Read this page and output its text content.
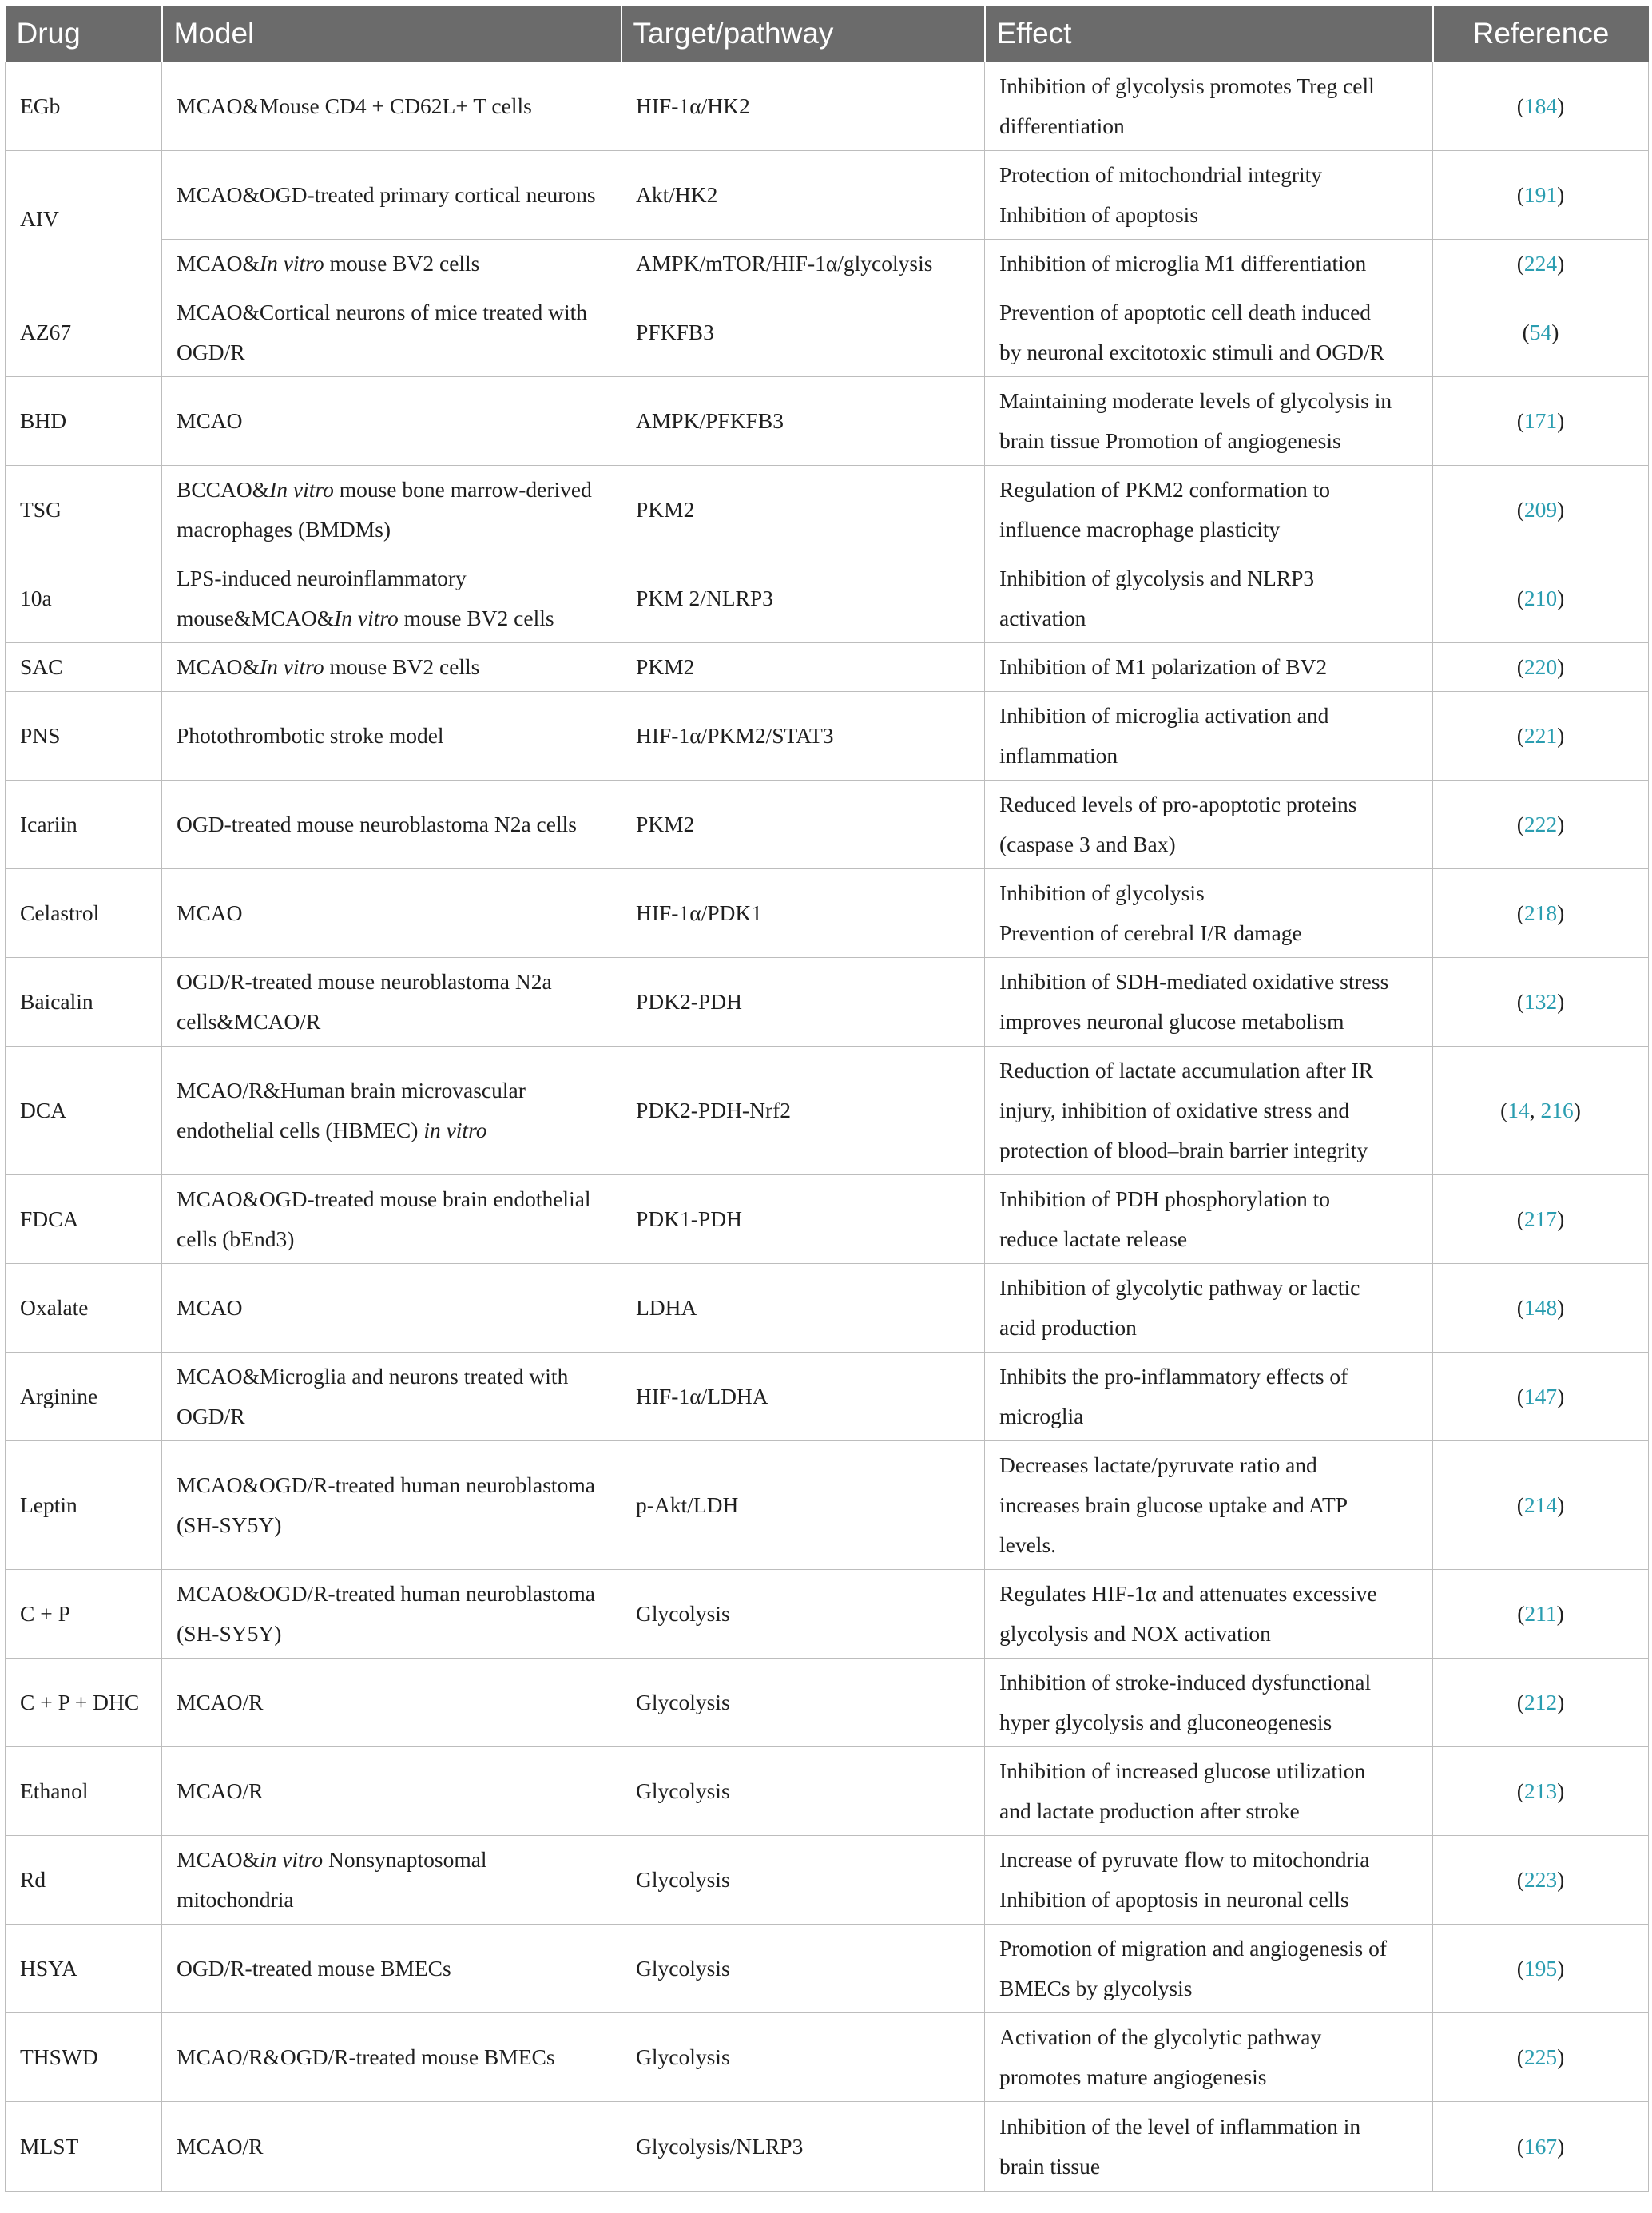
Drug	Model	Target/pathway	Effect	Reference
EGb	MCAO&Mouse CD4 + CD62L+ T cells	HIF-1α/HK2	Inhibition of glycolysis promotes Treg cell
differentiation	(184)
AIV	MCAO&OGD-treated primary cortical neurons	Akt/HK2	Protection of mitochondrial integrity
Inhibition of apoptosis	(191)
	MCAO&In vitro mouse BV2 cells	AMPK/mTOR/HIF-1α/glycolysis	Inhibition of microglia M1 differentiation	(224)
AZ67	MCAO&Cortical neurons of mice treated with OGD/R	PFKFB3	Prevention of apoptotic cell death induced
by neuronal excitotoxic stimuli and OGD/R	(54)
BHD	MCAO	AMPK/PFKFB3	Maintaining moderate levels of glycolysis in
brain tissue Promotion of angiogenesis	(171)
TSG	BCCAO&In vitro mouse bone marrow-derived macrophages (BMDMs)	PKM2	Regulation of PKM2 conformation to
influence macrophage plasticity	(209)
10a	LPS-induced neuroinflammatory mouse&MCAO&In vitro mouse BV2 cells	PKM 2/NLRP3	Inhibition of glycolysis and NLRP3
activation	(210)
SAC	MCAO&In vitro mouse BV2 cells	PKM2	Inhibition of M1 polarization of BV2	(220)
PNS	Photothrombotic stroke model	HIF-1α/PKM2/STAT3	Inhibition of microglia activation and
inflammation	(221)
Icariin	OGD-treated mouse neuroblastoma N2a cells	PKM2	Reduced levels of pro-apoptotic proteins
(caspase 3 and Bax)	(222)
Celastrol	MCAO	HIF-1α/PDK1	Inhibition of glycolysis
Prevention of cerebral I/R damage	(218)
Baicalin	OGD/R-treated mouse neuroblastoma N2a cells&MCAO/R	PDK2-PDH	Inhibition of SDH-mediated oxidative stress
improves neuronal glucose metabolism	(132)
DCA	MCAO/R&Human brain microvascular endothelial cells (HBMEC) in vitro	PDK2-PDH-Nrf2	Reduction of lactate accumulation after IR
injury, inhibition of oxidative stress and
protection of blood–brain barrier integrity	(14, 216)
FDCA	MCAO&OGD-treated mouse brain endothelial cells (bEnd3)	PDK1-PDH	Inhibition of PDH phosphorylation to
reduce lactate release	(217)
Oxalate	MCAO	LDHA	Inhibition of glycolytic pathway or lactic
acid production	(148)
Arginine	MCAO&Microglia and neurons treated with OGD/R	HIF-1α/LDHA	Inhibits the pro-inflammatory effects of
microglia	(147)
Leptin	MCAO&OGD/R-treated human neuroblastoma (SH-SY5Y)	p-Akt/LDH	Decreases lactate/pyruvate ratio and
increases brain glucose uptake and ATP
levels.	(214)
C + P	MCAO&OGD/R-treated human neuroblastoma (SH-SY5Y)	Glycolysis	Regulates HIF-1α and attenuates excessive
glycolysis and NOX activation	(211)
C + P + DHC	MCAO/R	Glycolysis	Inhibition of stroke-induced dysfunctional
hyper glycolysis and gluconeogenesis	(212)
Ethanol	MCAO/R	Glycolysis	Inhibition of increased glucose utilization
and lactate production after stroke	(213)
Rd	MCAO&in vitro Nonsynaptosomal mitochondria	Glycolysis	Increase of pyruvate flow to mitochondria
Inhibition of apoptosis in neuronal cells	(223)
HSYA	OGD/R-treated mouse BMECs	Glycolysis	Promotion of migration and angiogenesis of
BMECs by glycolysis	(195)
THSWD	MCAO/R&OGD/R-treated mouse BMECs	Glycolysis	Activation of the glycolytic pathway
promotes mature angiogenesis	(225)
MLST	MCAO/R	Glycolysis/NLRP3	Inhibition of the level of inflammation in
brain tissue	(167)
